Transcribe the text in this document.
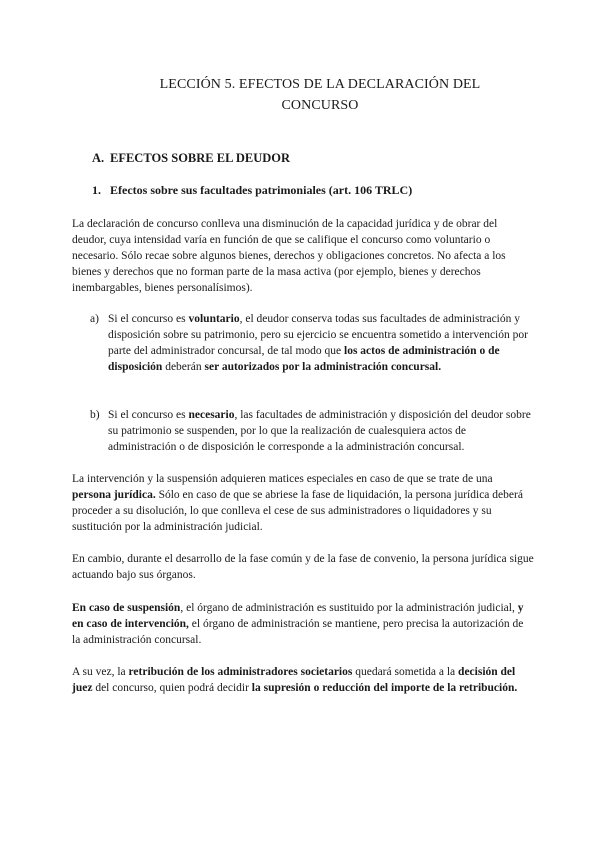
LECCIÓN 5. EFECTOS DE LA DECLARACIÓN DEL
CONCURSO
A. EFECTOS SOBRE EL DEUDOR
1. Efectos sobre sus facultades patrimoniales (art. 106 TRLC)

La declaración de concurso conlleva una disminución de la capacidad jurídica y de obrar del deudor, cuya intensidad varía en función de que se califique el concurso como voluntario o necesario. Sólo recae sobre algunos bienes, derechos y obligaciones concretos. No afecta a los bienes y derechos que no forman parte de la masa activa (por ejemplo, bienes y derechos inembargables, bienes personalísimos).

a) Si el concurso es voluntario, el deudor conserva todas sus facultades de administración y disposición sobre su patrimonio, pero su ejercicio se encuentra sometido a intervención por parte del administrador concursal, de tal modo que los actos de administración o de disposición deberán ser autorizados por la administración concursal.
b) Si el concurso es necesario, las facultades de administración y disposición del deudor sobre su patrimonio se suspenden, por lo que la realización de cualesquiera actos de administración o de disposición le corresponde a la administración concursal.

La intervención y la suspensión adquieren matices especiales en caso de que se trate de una persona jurídica. Sólo en caso de que se abriese la fase de liquidación, la persona jurídica deberá proceder a su disolución, lo que conlleva el cese de sus administradores o liquidadores y su sustitución por la administración judicial.

En cambio, durante el desarrollo de la fase común y de la fase de convenio, la persona jurídica sigue actuando bajo sus órganos.

En caso de suspensión, el órgano de administración es sustituido por la administración judicial, y en caso de intervención, el órgano de administración se mantiene, pero precisa la autorización de la administración concursal.

A su vez, la retribución de los administradores societarios quedará sometida a la decisión del juez del concurso, quien podrá decidir la supresión o reducción del importe de la retribución.
